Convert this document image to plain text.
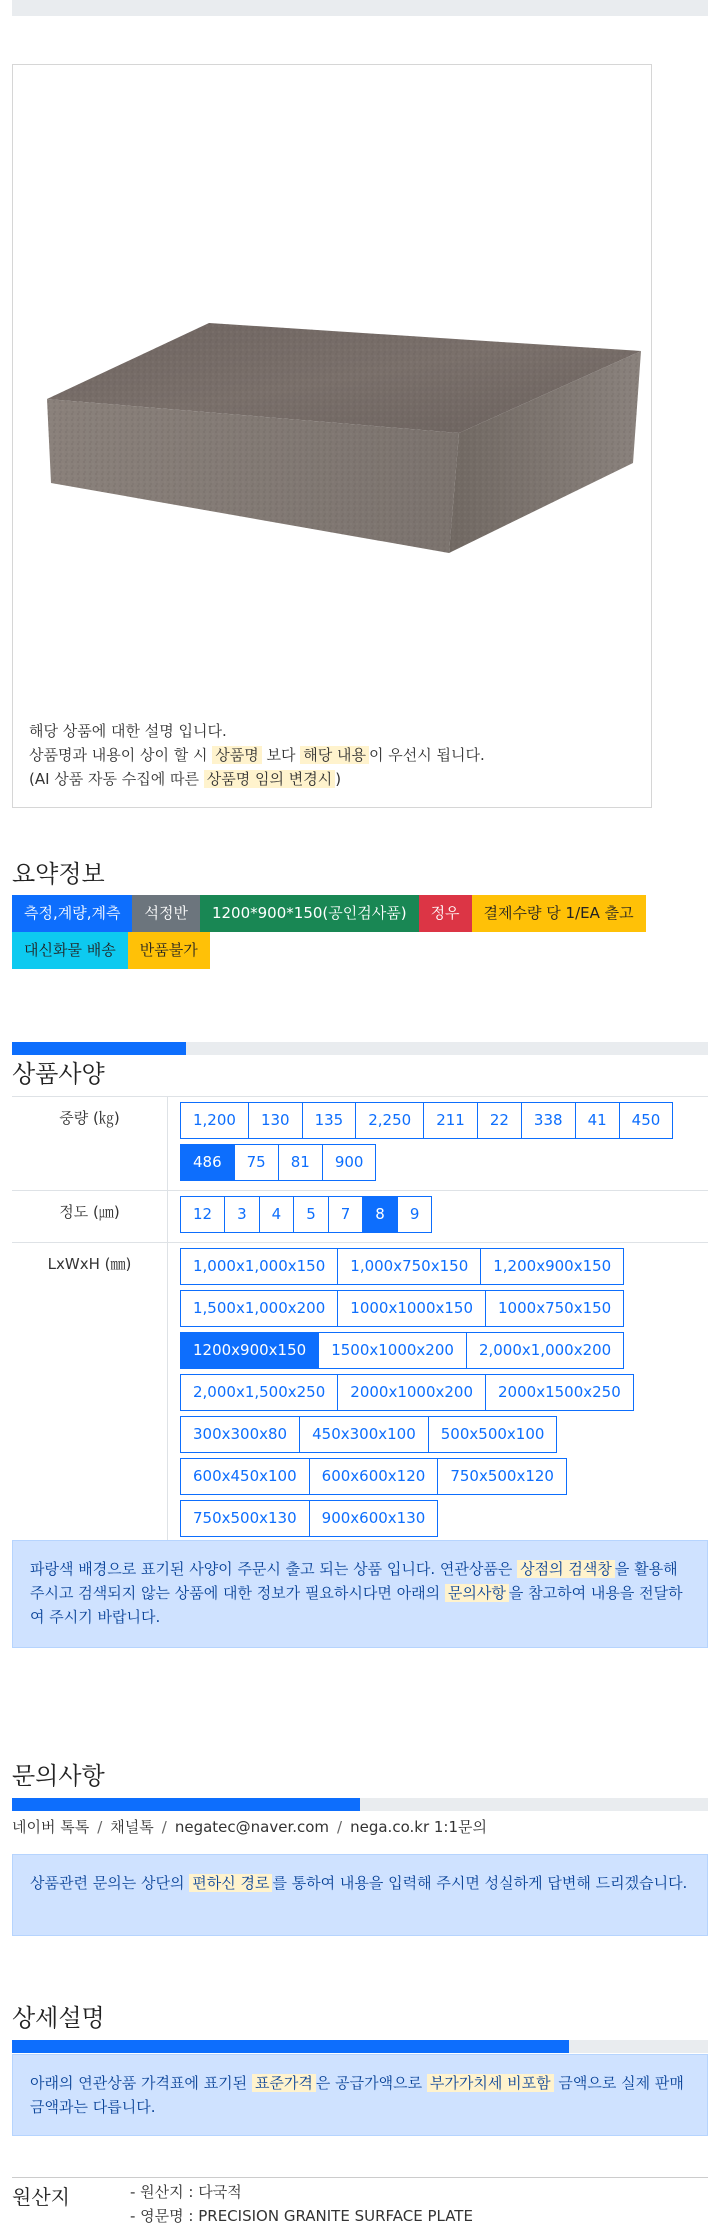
해당 상품에 대한 설명 입니다.
상품명과 내용이 상이 할 시 상품명 보다 해당 내용 이 우선시 됩니다.
(AI 상품 자동 수집에 따른 상품명 임의 변경시 )
요약정보
측정,계량,계측	석정반	1200*900*150(공인검사품)	정우	결제수량 당 1/EA 출고
대신화물 배송	반품불가
상품사양
중량 (㎏)	1,200	130	135	2,250	211	22	338	41	450
486	75	81	900
정도 (㎛)	12	3	4	5	7	8	9
LxWxH (㎜)	1,000x1,000x150	1,000x750x150	1,200x900x150
1,500x1,000x200	1000x1000x150	1000x750x150
1200x900x150	1500x1000x200	2,000x1,000x200
2,000x1,500x250	2000x1000x200	2000x1500x250
300x300x80	450x300x100	500x500x100
600x450x100	600x600x120	750x500x120
750x500x130	900x600x130
파랑색 배경으로 표기된 사양이 주문시 출고 되는 상품 입니다. 연관상품은 상점의 검색창 을 활용해 주시고 검색되지 않는 상품에 대한 정보가 필요하시다면 아래의 문의사항 을 참고하여 내용을 전달하여 주시기 바랍니다.
문의사항
네이버 톡톡 / 채널톡 / negatec@naver.com / nega.co.kr 1:1문의
상품관련 문의는 상단의 편하신 경로 를 통하여 내용을 입력해 주시면 성실하게 답변해 드리겠습니다.
상세설명
아래의 연관상품 가격표에 표기된 표준가격 은 공급가액으로 부가가치세 비포함 금액으로 실제 판매금액과는 다릅니다.
원산지	- 원산지 : 다국적
- 영문명 : PRECISION GRANITE SURFACE PLATE
